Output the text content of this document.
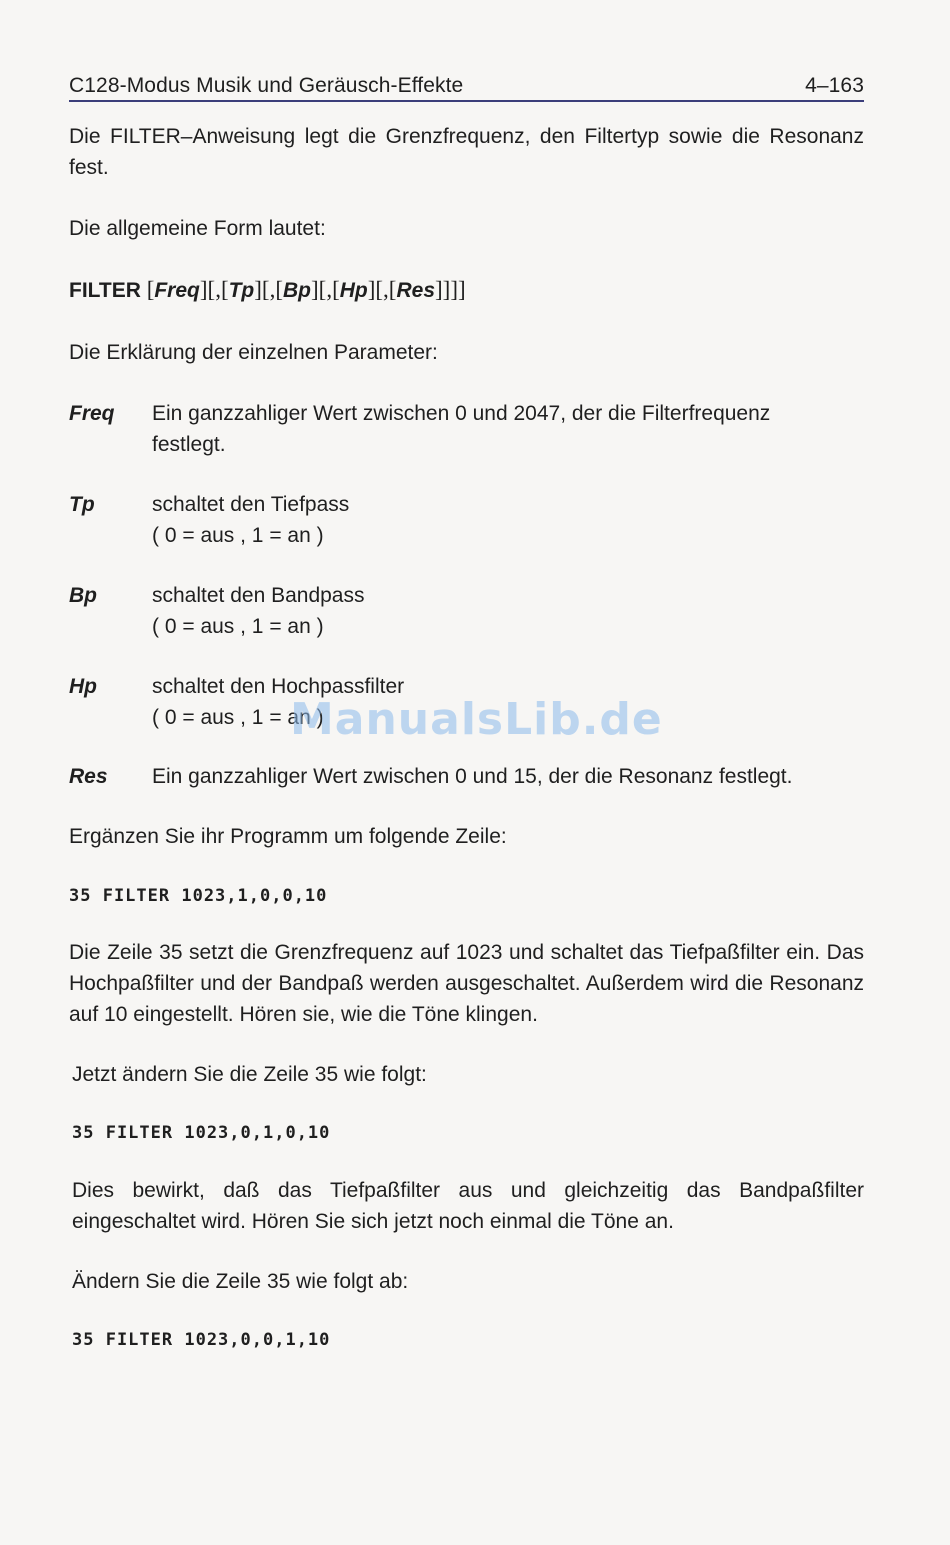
C128-Modus Musik und Geräusch-Effekte	4–163
Die FILTER–Anweisung legt die Grenzfrequenz, den Filtertyp sowie die Resonanz fest.
Die allgemeine Form lautet:
FILTER [Freq][,[Tp][,[Bp][,[Hp][,[Res]]]]
Die Erklärung der einzelnen Parameter:
Freq Ein ganzzahliger Wert zwischen 0 und 2047, der die Filterfrequenz
festlegt.
Tp	schaltet den Tiefpass
( 0 = aus , 1 = an )
Bp	schaltet den Bandpass
( 0 = aus , 1 = an )
Hp	schaltet den Hochpassfilter
( 0 = aus , 1 = an )
Res Ein ganzzahliger Wert zwischen 0 und 15, der die Resonanz festlegt.
Ergänzen Sie ihr Programm um folgende Zeile:
35 FILTER 1023,1,0,0,10
Die Zeile 35 setzt die Grenzfrequenz auf 1023 und schaltet das Tiefpaßfilter ein. Das Hochpaßfilter und der Bandpaß werden ausgeschaltet. Außerdem wird die Resonanz auf 10 eingestellt. Hören sie, wie die Töne klingen.
Jetzt ändern Sie die Zeile 35 wie folgt:
35 FILTER 1023,0,1,0,10
Dies bewirkt, daß das Tiefpaßfilter aus und gleichzeitig das Bandpaßfilter eingeschaltet wird. Hören Sie sich jetzt noch einmal die Töne an.
Ändern Sie die Zeile 35 wie folgt ab:
35 FILTER 1023,0,0,1,10
ManualsLib.de
